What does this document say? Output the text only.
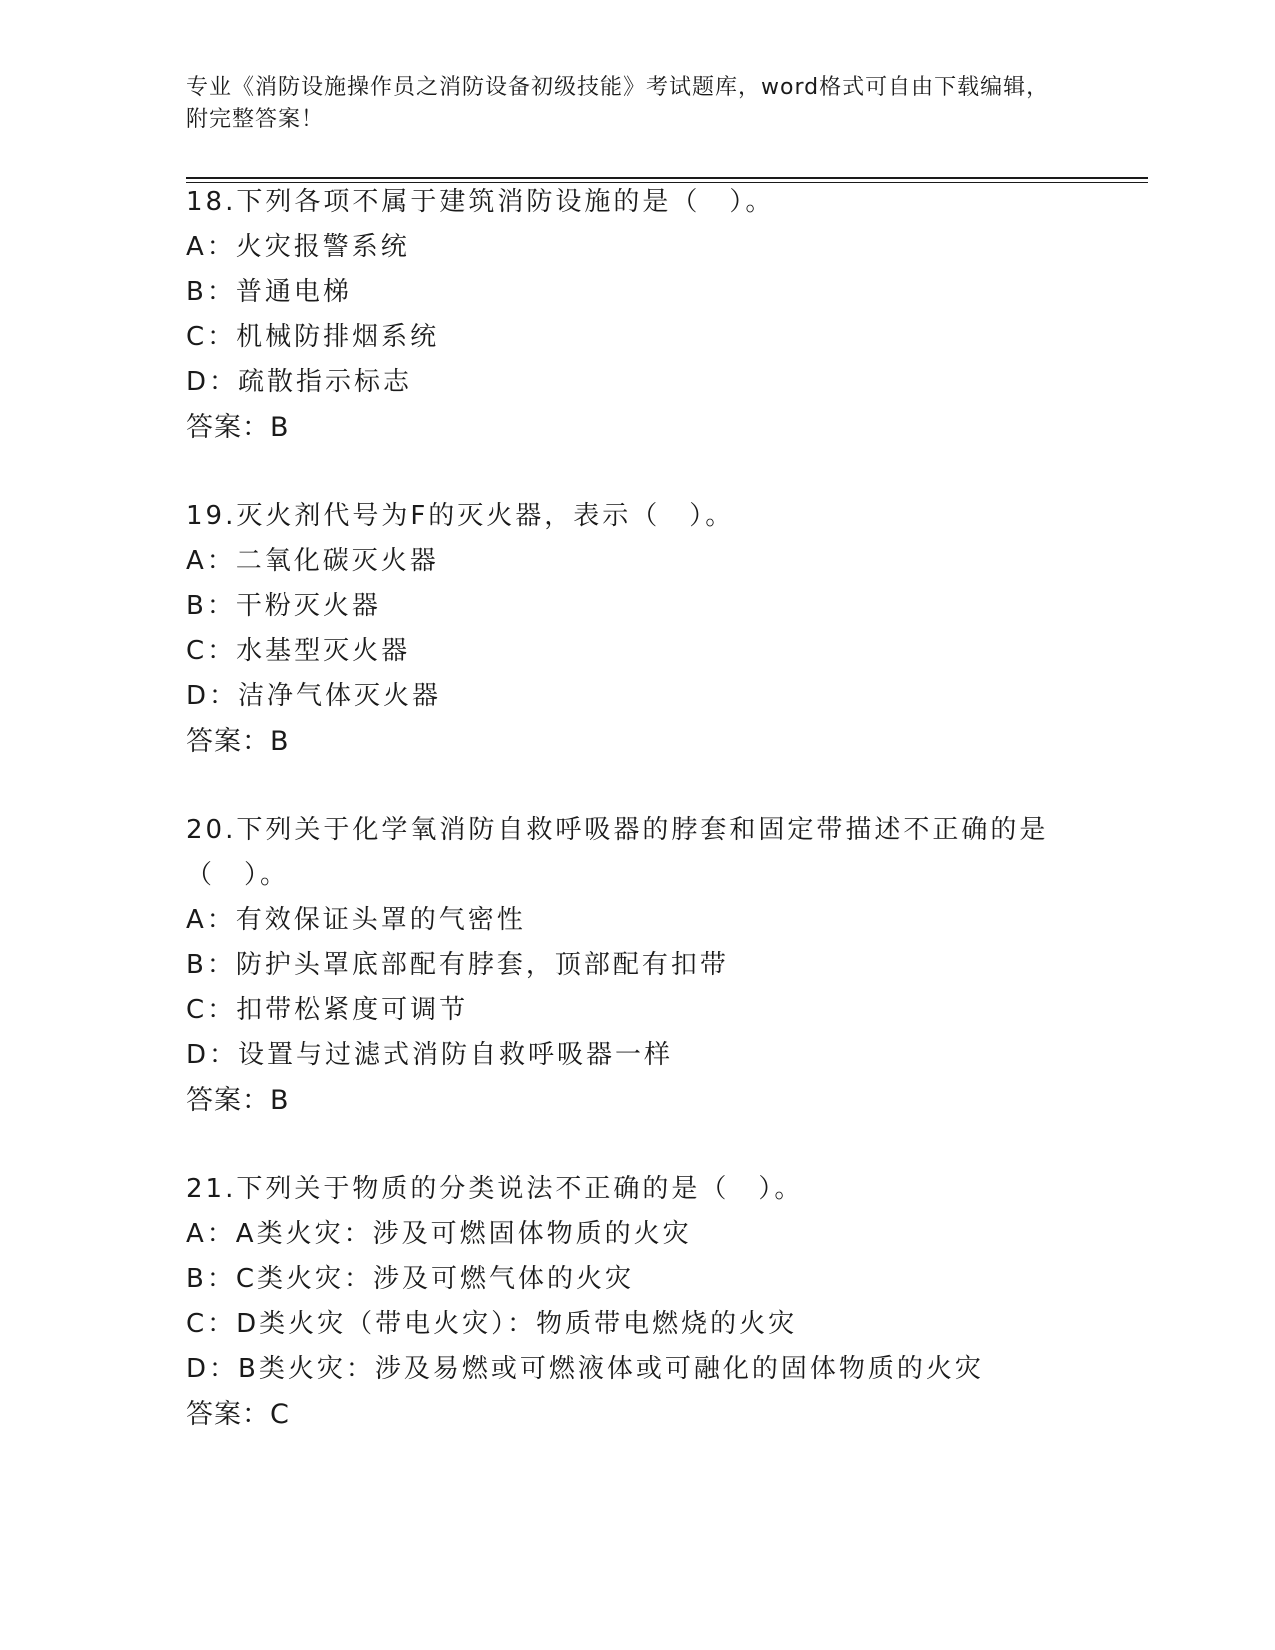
专业《消防设施操作员之消防设备初级技能》考试题库，word格式可自由下载编辑，附完整答案！
18.下列各项不属于建筑消防设施的是（　）。
A：火灾报警系统
B：普通电梯
C：机械防排烟系统
D：疏散指示标志
答案：B
19.灭火剂代号为F的灭火器，表示（　）。
A：二氧化碳灭火器
B：干粉灭火器
C：水基型灭火器
D：洁净气体灭火器
答案：B
20.下列关于化学氧消防自救呼吸器的脖套和固定带描述不正确的是（　）。
A：有效保证头罩的气密性
B：防护头罩底部配有脖套，顶部配有扣带
C：扣带松紧度可调节
D：设置与过滤式消防自救呼吸器一样
答案：B
21.下列关于物质的分类说法不正确的是（　）。
A：A类火灾：涉及可燃固体物质的火灾
B：C类火灾：涉及可燃气体的火灾
C：D类火灾（带电火灾）：物质带电燃烧的火灾
D：B类火灾：涉及易燃或可燃液体或可融化的固体物质的火灾
答案：C
